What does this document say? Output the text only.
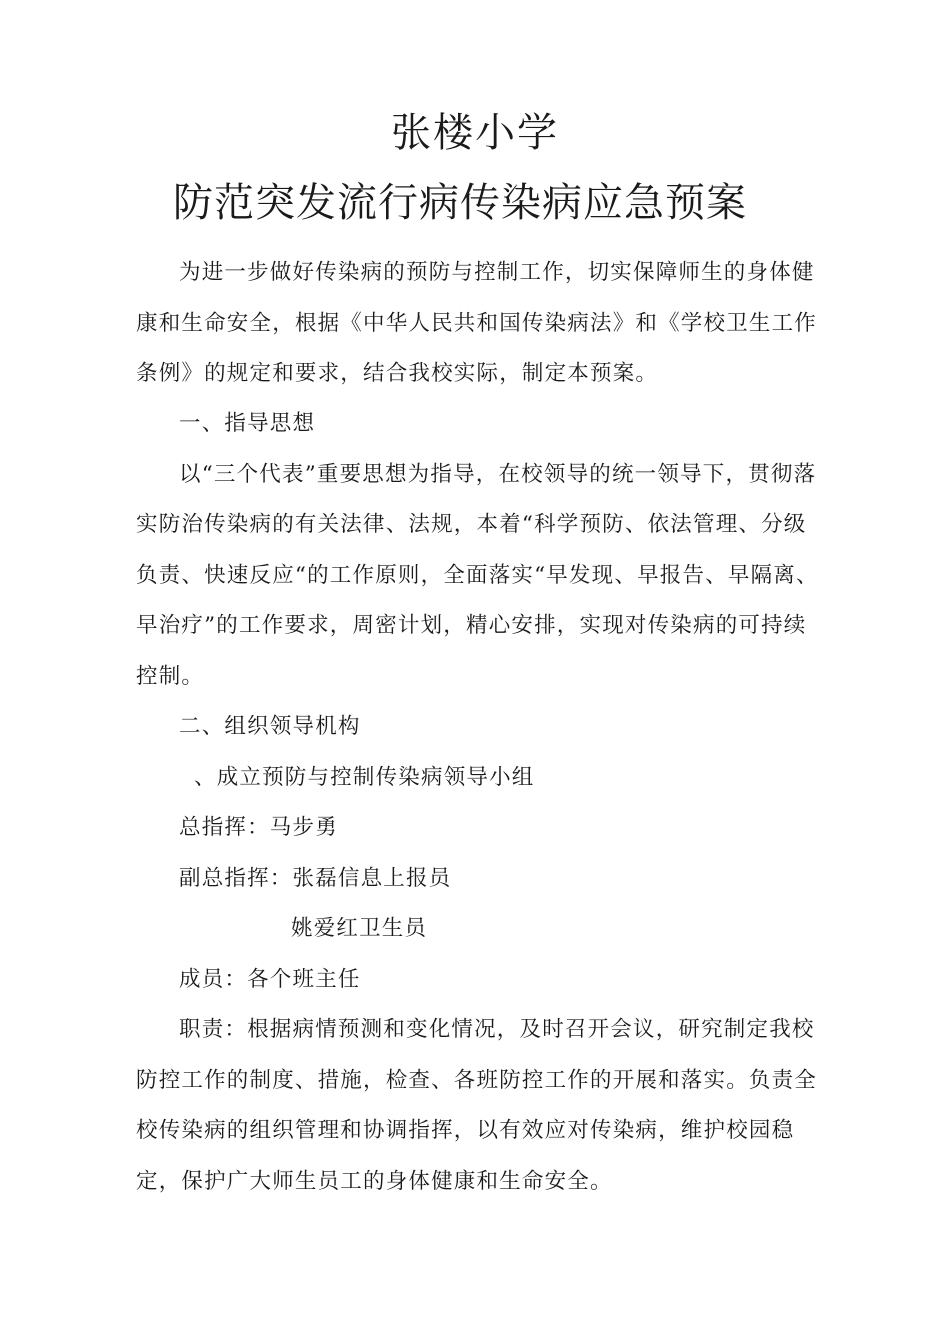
张楼小学
防范突发流行病传染病应急预案

为进一步做好传染病的预防与控制工作，切实保障师生的身体健康和生命安全，根据《中华人民共和国传染病法》和《学校卫生工作条例》的规定和要求，结合我校实际，制定本预案。

一、指导思想

以“三个代表”重要思想为指导，在校领导的统一领导下，贯彻落实防治传染病的有关法律、法规，本着“科学预防、依法管理、分级负责、快速反应“的工作原则，全面落实“早发现、早报告、早隔离、早治疗”的工作要求，周密计划，精心安排，实现对传染病的可持续控制。

二、组织领导机构
、成立预防与控制传染病领导小组
总指挥：马步勇
副总指挥：张磊信息上报员
姚爱红卫生员
成员：各个班主任

职责：根据病情预测和变化情况，及时召开会议，研究制定我校防控工作的制度、措施，检查、各班防控工作的开展和落实。负责全校传染病的组织管理和协调指挥，以有效应对传染病，维护校园稳定，保护广大师生员工的身体健康和生命安全。
